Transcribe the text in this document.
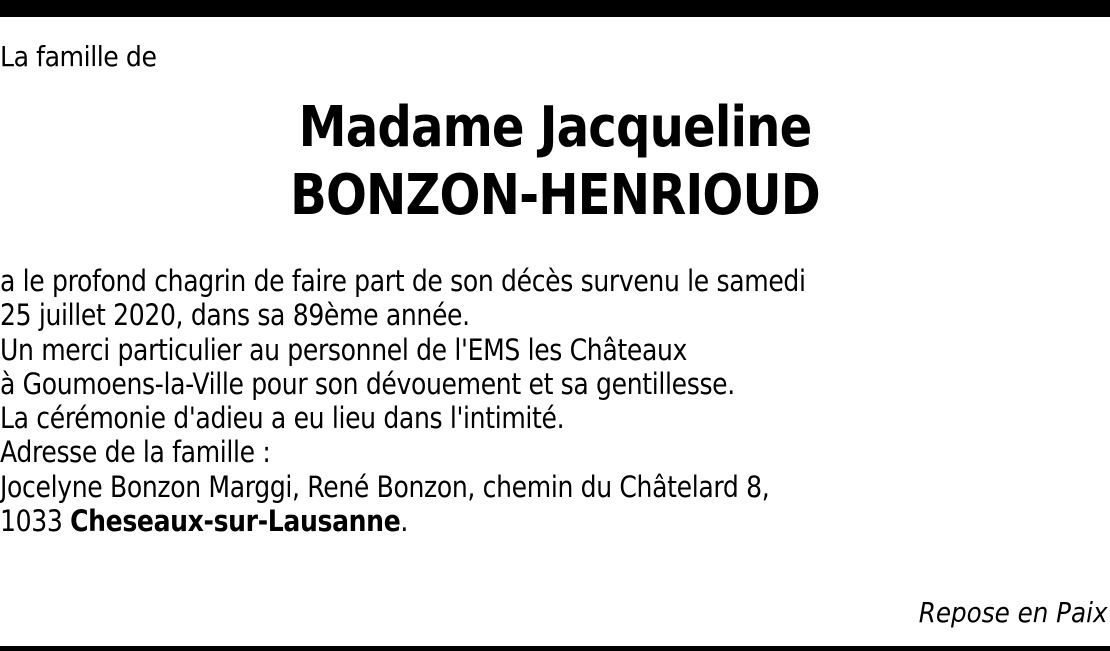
La famille de
Madame Jacqueline
BONZON-HENRIOUD
a le profond chagrin de faire part de son décès survenu le samedi
25 juillet 2020, dans sa 89ème année.
Un merci particulier au personnel de l'EMS les Châteaux
à Goumoens-la-Ville pour son dévouement et sa gentillesse.
La cérémonie d'adieu a eu lieu dans l'intimité.
Adresse de la famille :
Jocelyne Bonzon Marggi, René Bonzon, chemin du Châtelard 8,
1033 Cheseaux-sur-Lausanne.
Repose en Paix
